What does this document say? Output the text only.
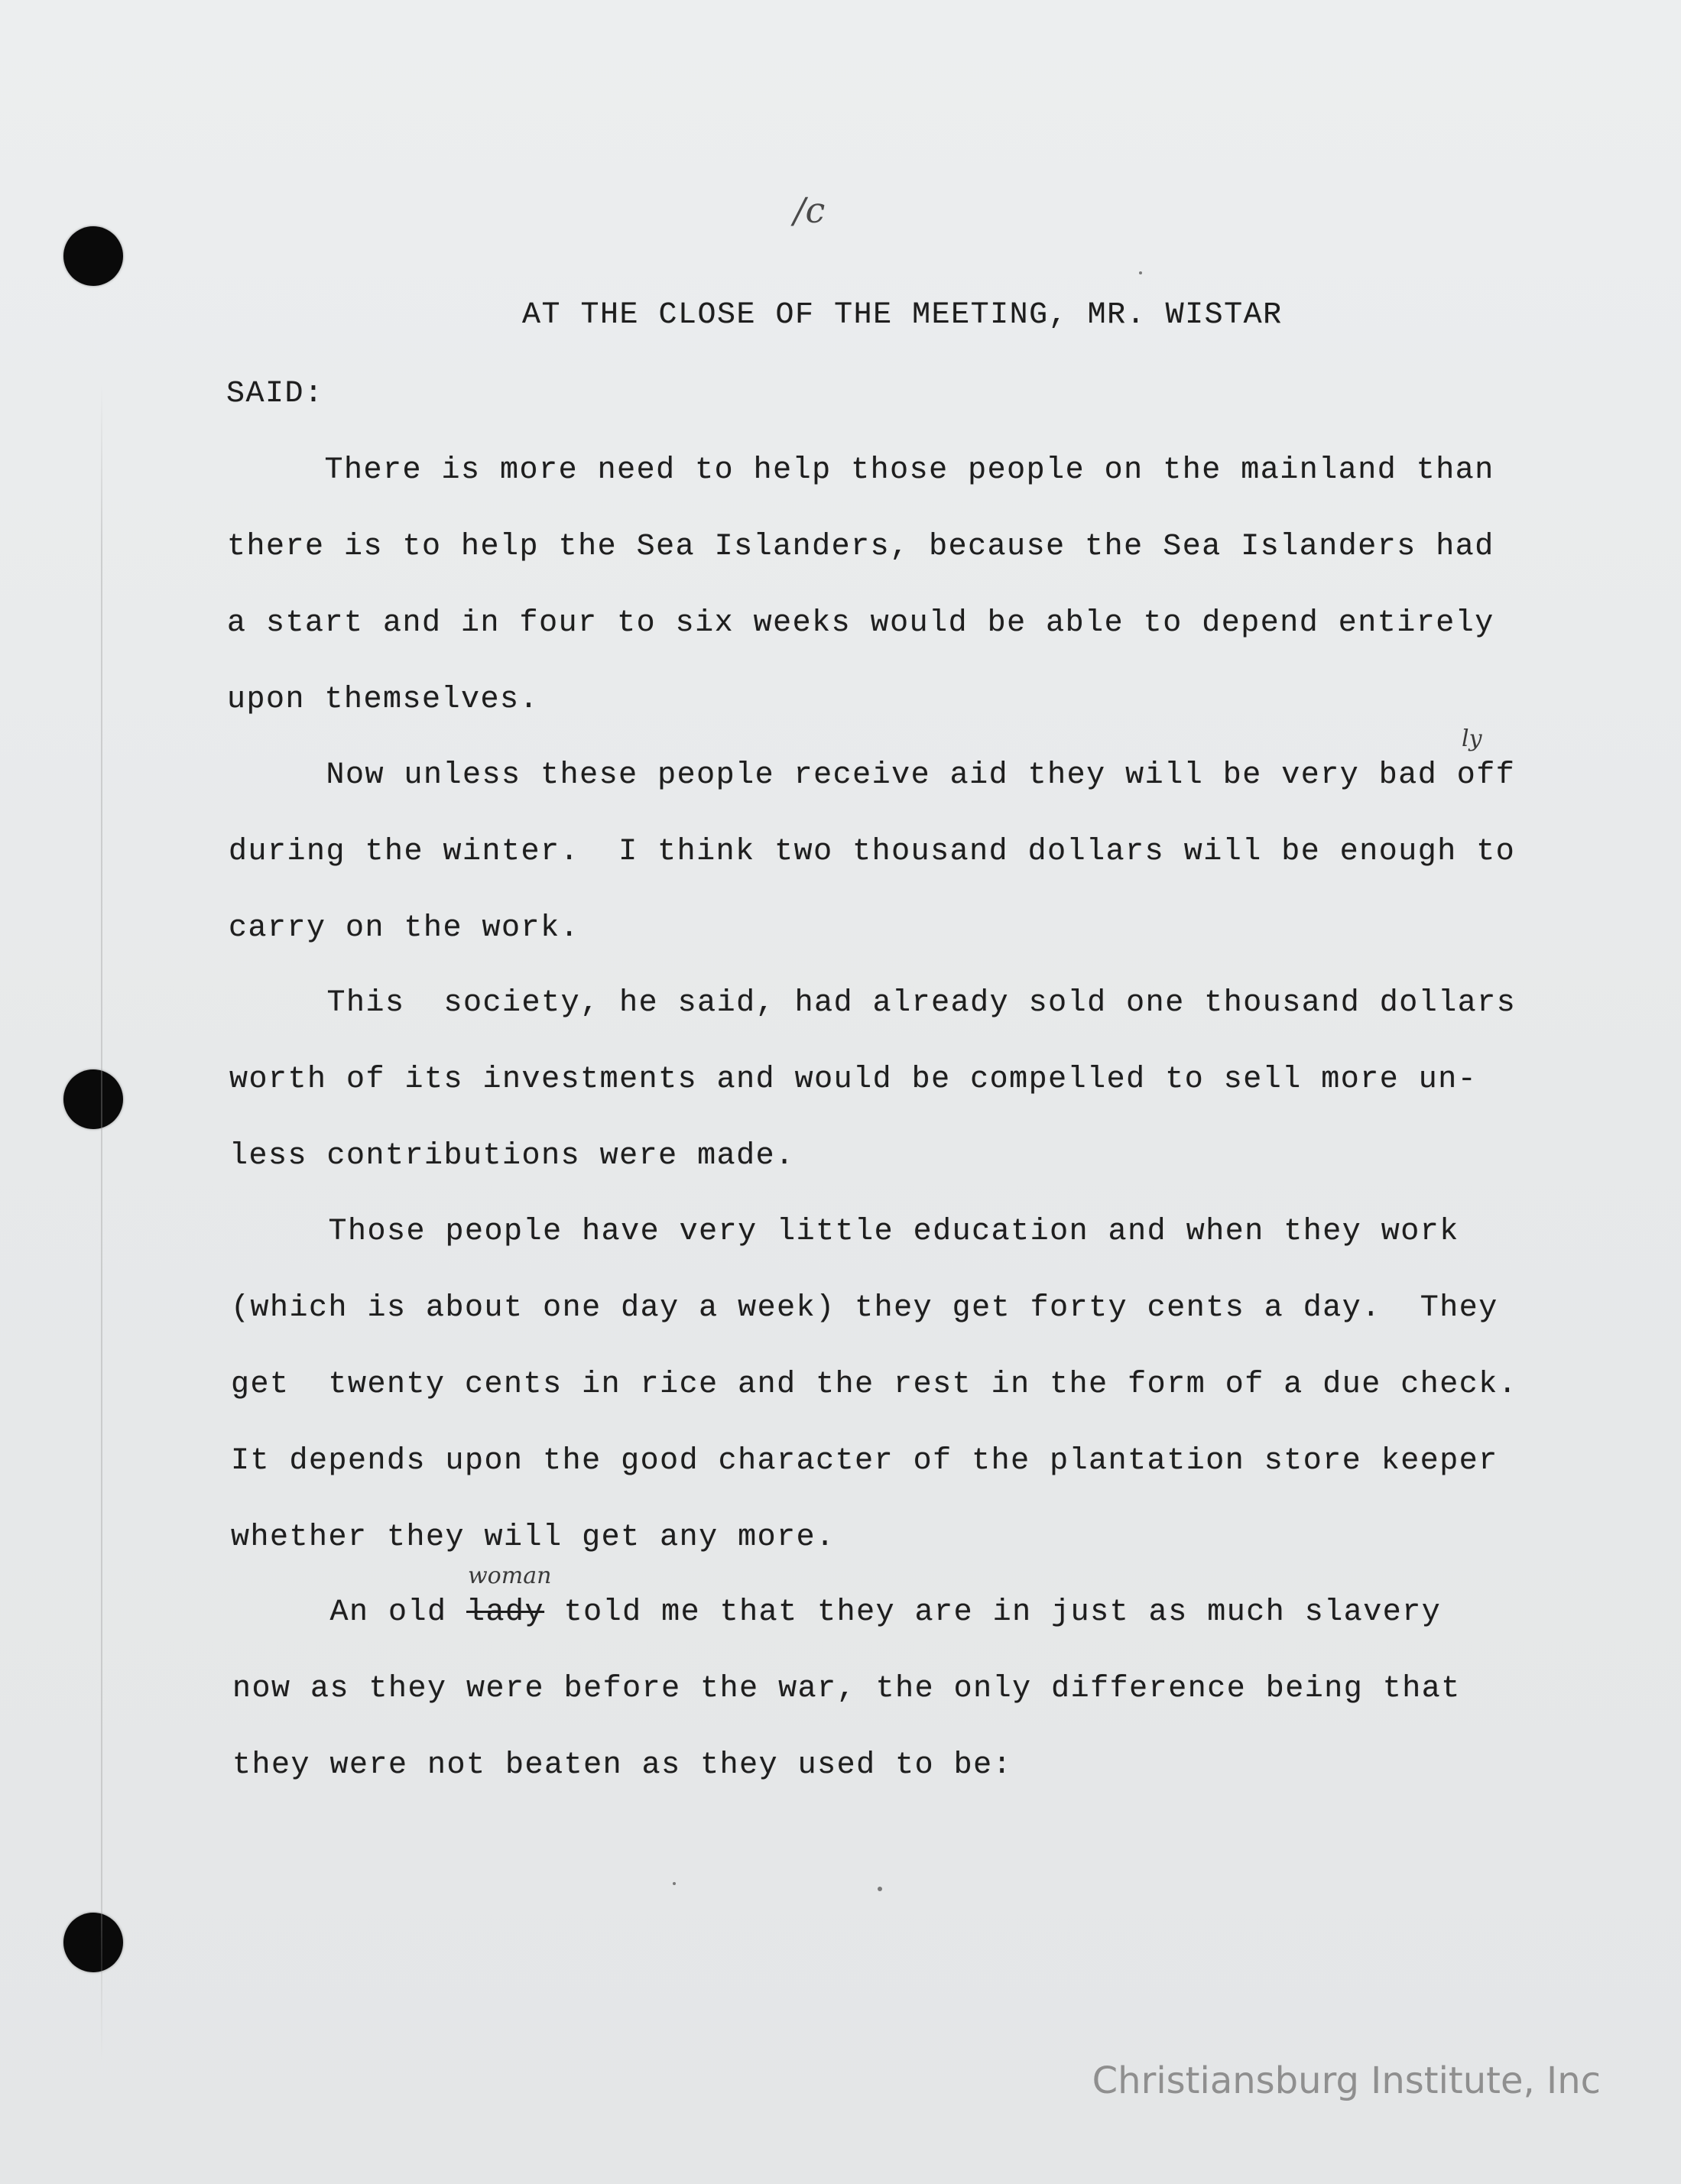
/c

AT THE CLOSE OF THE MEETING, MR. WISTAR

SAID:

There is more need to help those people on the mainland than

there is to help the Sea Islanders, because the Sea Islanders had

a start and in four to six weeks would be able to depend entirely

upon themselves.

ly

Now unless these people receive aid they will be very bad off

during the winter.  I think two thousand dollars will be enough to

carry on the work.

This  society, he said, had already sold one thousand dollars

worth of its investments and would be compelled to sell more un-

less contributions were made.

Those people have very little education and when they work

(which is about one day a week) they get forty cents a day.  They

get  twenty cents in rice and the rest in the form of a due check.

It depends upon the good character of the plantation store keeper

whether they will get any more.

woman

An old lady told me that they are in just as much slavery

now as they were before the war, the only difference being that

they were not beaten as they used to be:

Christiansburg Institute, Inc
